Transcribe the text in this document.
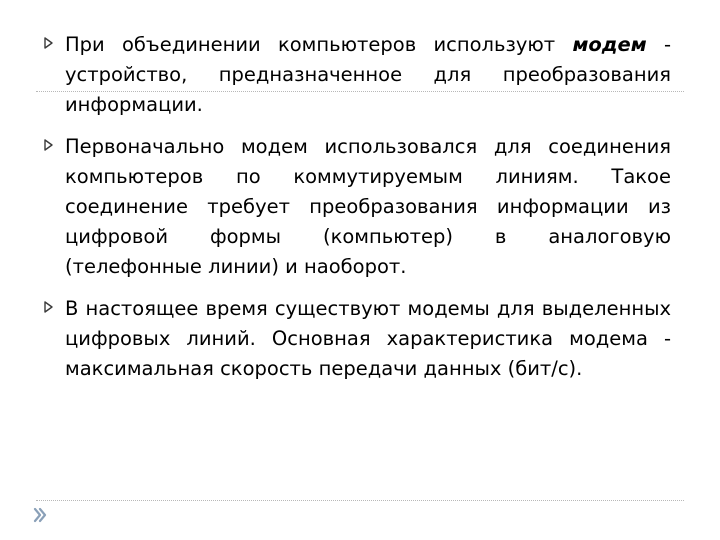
При объединении компьютеров используют модем - устройство, предназначенное для преобразования информации.
Первоначально модем использовался для соединения компьютеров по коммутируемым линиям. Такое соединение требует преобразования информации из цифровой формы (компьютер) в аналоговую (телефонные линии) и наоборот.
В настоящее время существуют модемы для выделенных цифровых линий. Основная характеристика модема - максимальная скорость передачи данных (бит/с).
